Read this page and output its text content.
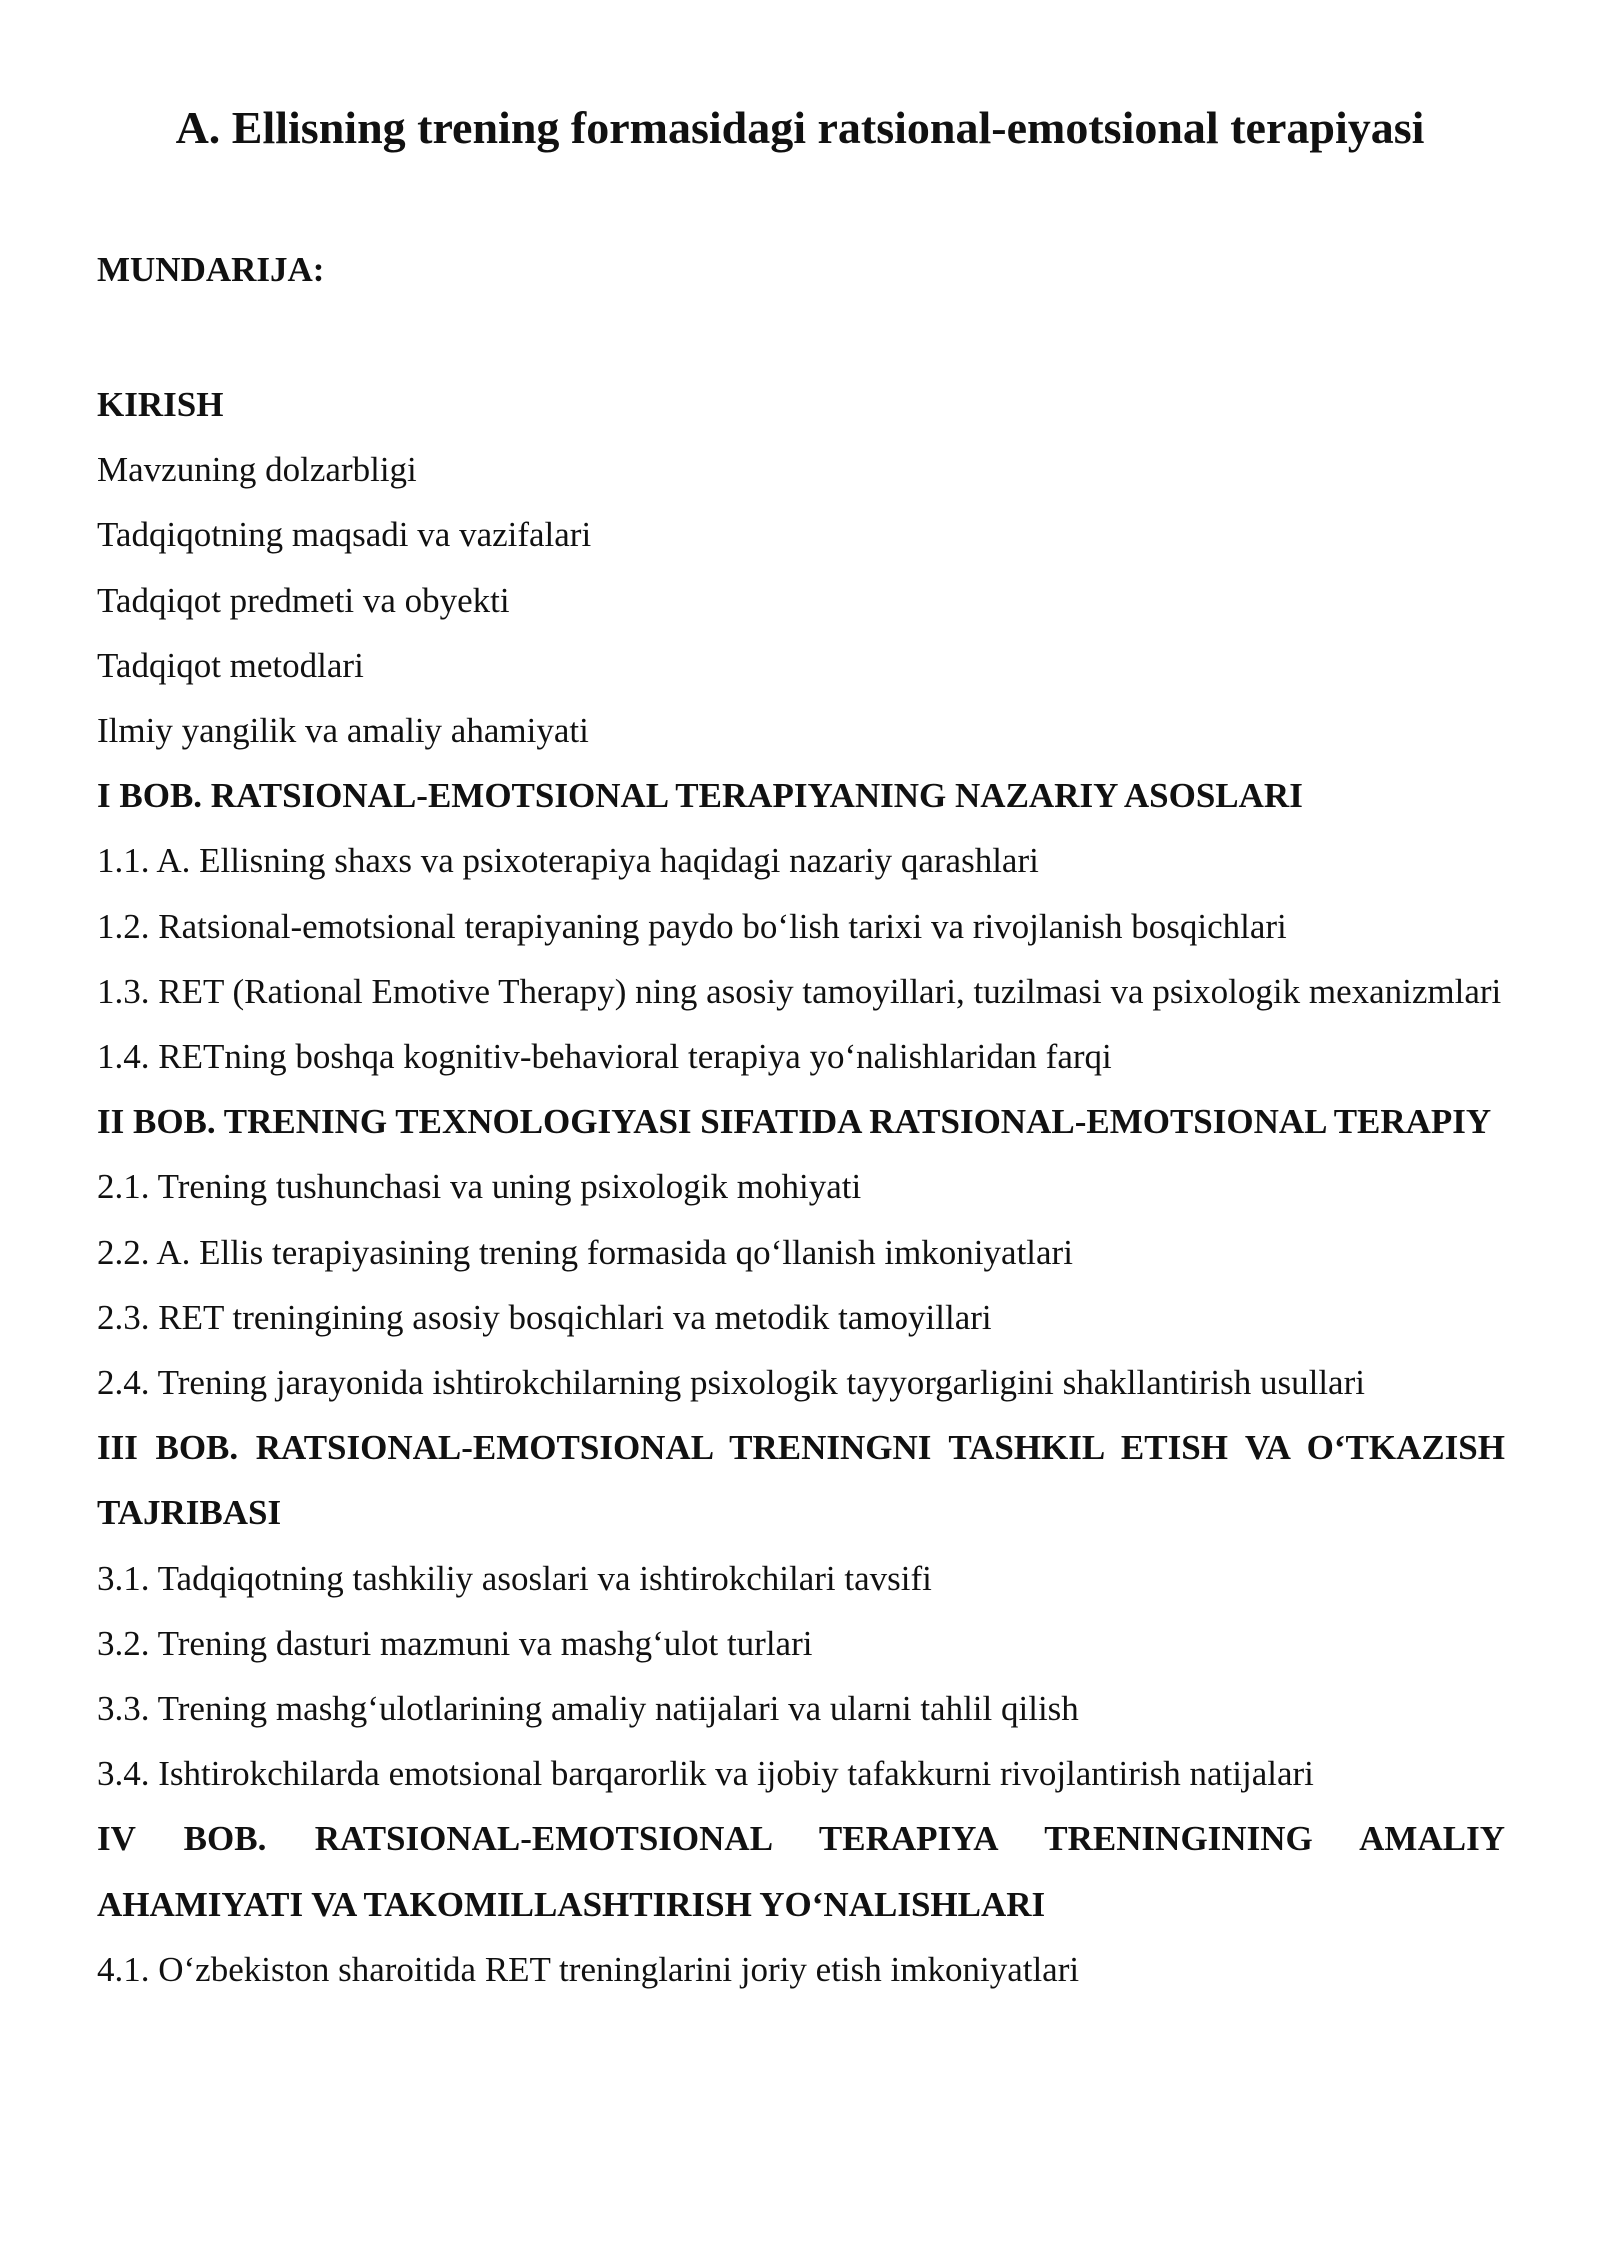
A. Ellisning trening formasidagi ratsional-emotsional terapiyasi
MUNDARIJA:
KIRISH
Mavzuning dolzarbligi
Tadqiqotning maqsadi va vazifalari
Tadqiqot predmeti va obyekti
Tadqiqot metodlari
Ilmiy yangilik va amaliy ahamiyati
I BOB. RATSIONAL-EMOTSIONAL TERAPIYANING NAZARIY ASOSLARI
1.1. A. Ellisning shaxs va psixoterapiya haqidagi nazariy qarashlari
1.2. Ratsional-emotsional terapiyaning paydo boʻlish tarixi va rivojlanish bosqichlari
1.3. RET (Rational Emotive Therapy) ning asosiy tamoyillari, tuzilmasi va psixologik mexanizmlari
1.4. RETning boshqa kognitiv-behavioral terapiya yoʻnalishlaridan farqi
II BOB. TRENING TEXNOLOGIYASI SIFATIDA RATSIONAL-EMOTSIONAL TERAPIY
2.1. Trening tushunchasi va uning psixologik mohiyati
2.2. A. Ellis terapiyasining trening formasida qoʻllanish imkoniyatlari
2.3. RET treningining asosiy bosqichlari va metodik tamoyillari
2.4. Trening jarayonida ishtirokchilarning psixologik tayyorgarligini shakllantirish usullari
III BOB. RATSIONAL-EMOTSIONAL TRENINGNI TASHKIL ETISH VA OʻTKAZISH TAJRIBASI
3.1. Tadqiqotning tashkiliy asoslari va ishtirokchilari tavsifi
3.2. Trening dasturi mazmuni va mashgʻulot turlari
3.3. Trening mashgʻulotlarining amaliy natijalari va ularni tahlil qilish
3.4. Ishtirokchilarda emotsional barqarorlik va ijobiy tafakkurni rivojlantirish natijalari
IV BOB. RATSIONAL-EMOTSIONAL TERAPIYA TRENINGINING AMALIY AHAMIYATI VA TAKOMILLASHTIRISH YOʻNALISHLARI
4.1. Oʻzbekiston sharoitida RET treninglarini joriy etish imkoniyatlari
